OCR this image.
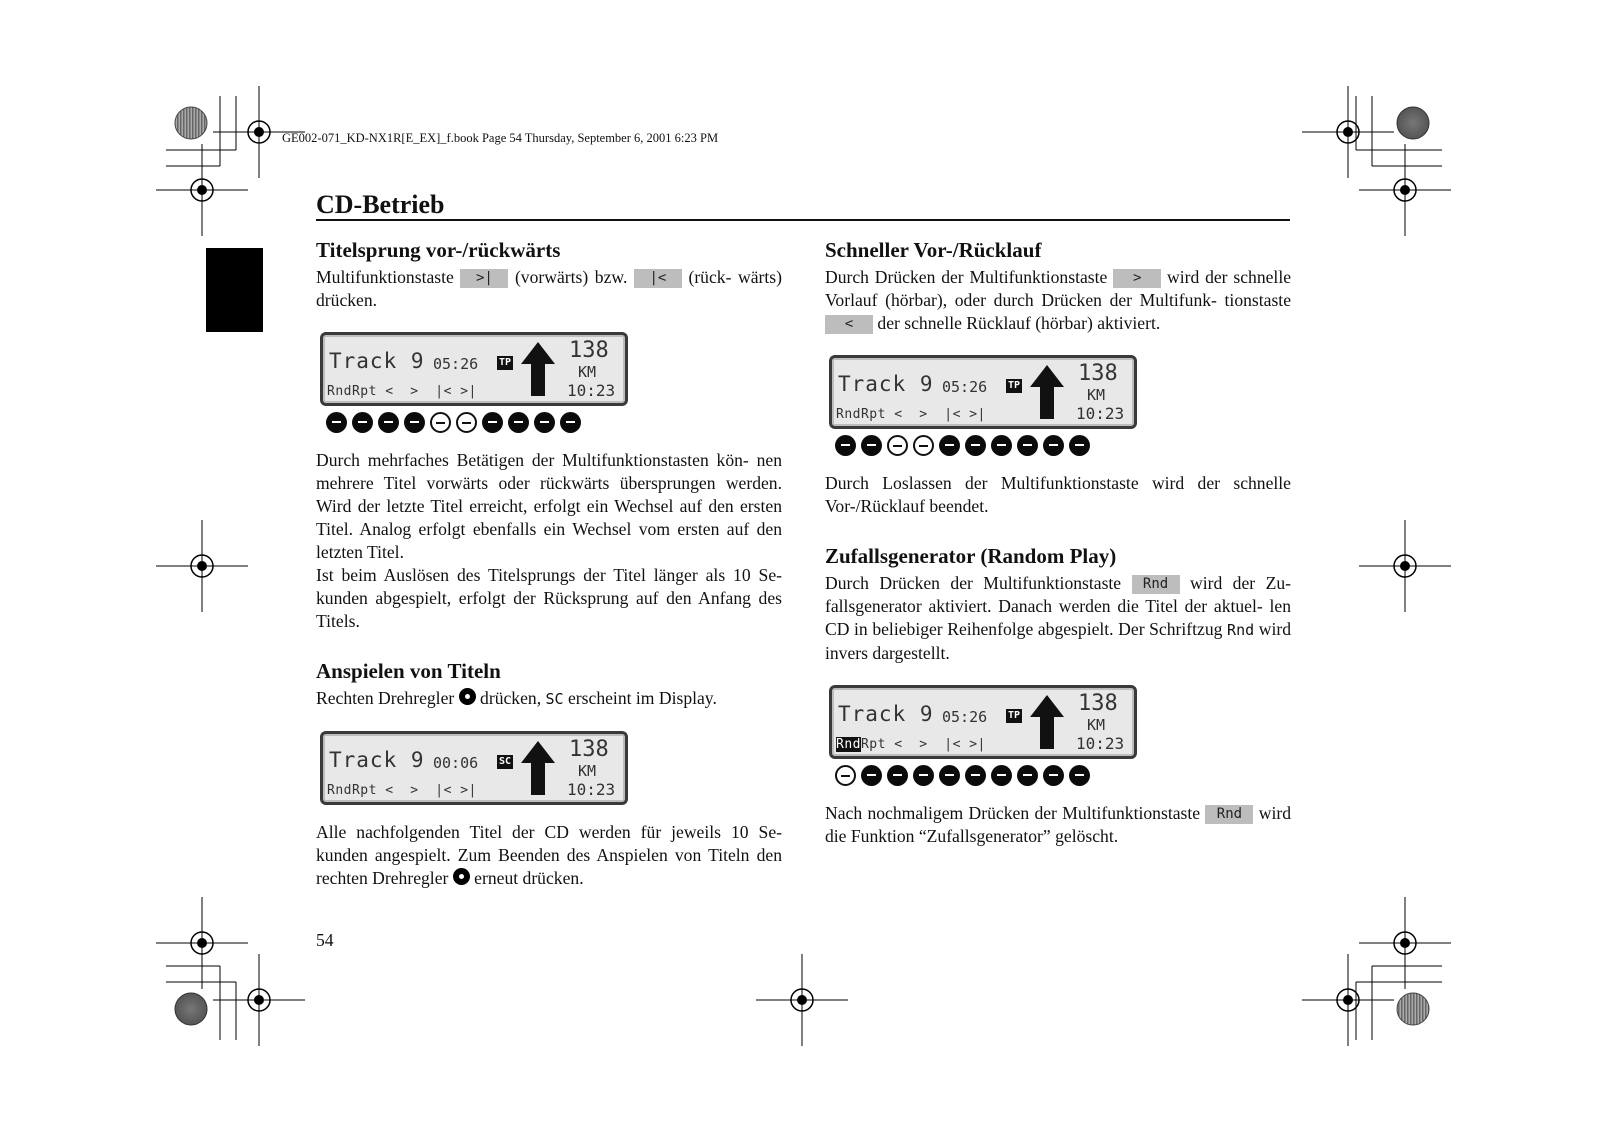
GE002-071_KD-NX1R[E_EX]_f.book Page 54 Thursday, September 6, 2001 6:23 PM
CD-Betrieb
Titelsprung vor-/rückwärts

Multifunktionstaste >| (vorwärts) bzw. |< (rück- wärts) drücken.

Track 9 05:26 TP	138
KM
10:23
RndRpt <  >  |< >|

Durch mehrfaches Betätigen der Multifunktionstasten kön- nen mehrere Titel vorwärts oder rückwärts übersprungen werden. Wird der letzte Titel erreicht, erfolgt ein Wechsel auf den ersten Titel. Analog erfolgt ebenfalls ein Wechsel vom ersten auf den letzten Titel.

Ist beim Auslösen des Titelsprungs der Titel länger als 10 Se- kunden abgespielt, erfolgt der Rücksprung auf den Anfang des Titels.

Anspielen von Titeln

Rechten Drehregler drücken, SC erscheint im Display.

Track 9 00:06 SC	138
KM
10:23
RndRpt <  >  |< >|

Alle nachfolgenden Titel der CD werden für jeweils 10 Se- kunden angespielt. Zum Beenden des Anspielen von Titeln den rechten Drehregler erneut drücken.

Schneller Vor-/Rücklauf

Durch Drücken der Multifunktionstaste > wird der schnelle Vorlauf (hörbar), oder durch Drücken der Multifunk- tionstaste < der schnelle Rücklauf (hörbar) aktiviert.

Track 9 05:26 TP	138
KM
10:23
RndRpt <  >  |< >|

Durch Loslassen der Multifunktionstaste wird der schnelle Vor-/Rücklauf beendet.

Zufallsgenerator (Random Play)

Durch Drücken der Multifunktionstaste Rnd wird der Zu- fallsgenerator aktiviert. Danach werden die Titel der aktuel- len CD in beliebiger Reihenfolge abgespielt. Der Schriftzug Rnd wird invers dargestellt.

Track 9 05:26 TP	138
KM
10:23
RndRpt <  >  |< >|

Nach nochmaligem Drücken der Multifunktionstaste Rnd wird die Funktion “Zufallsgenerator” gelöscht.

54
